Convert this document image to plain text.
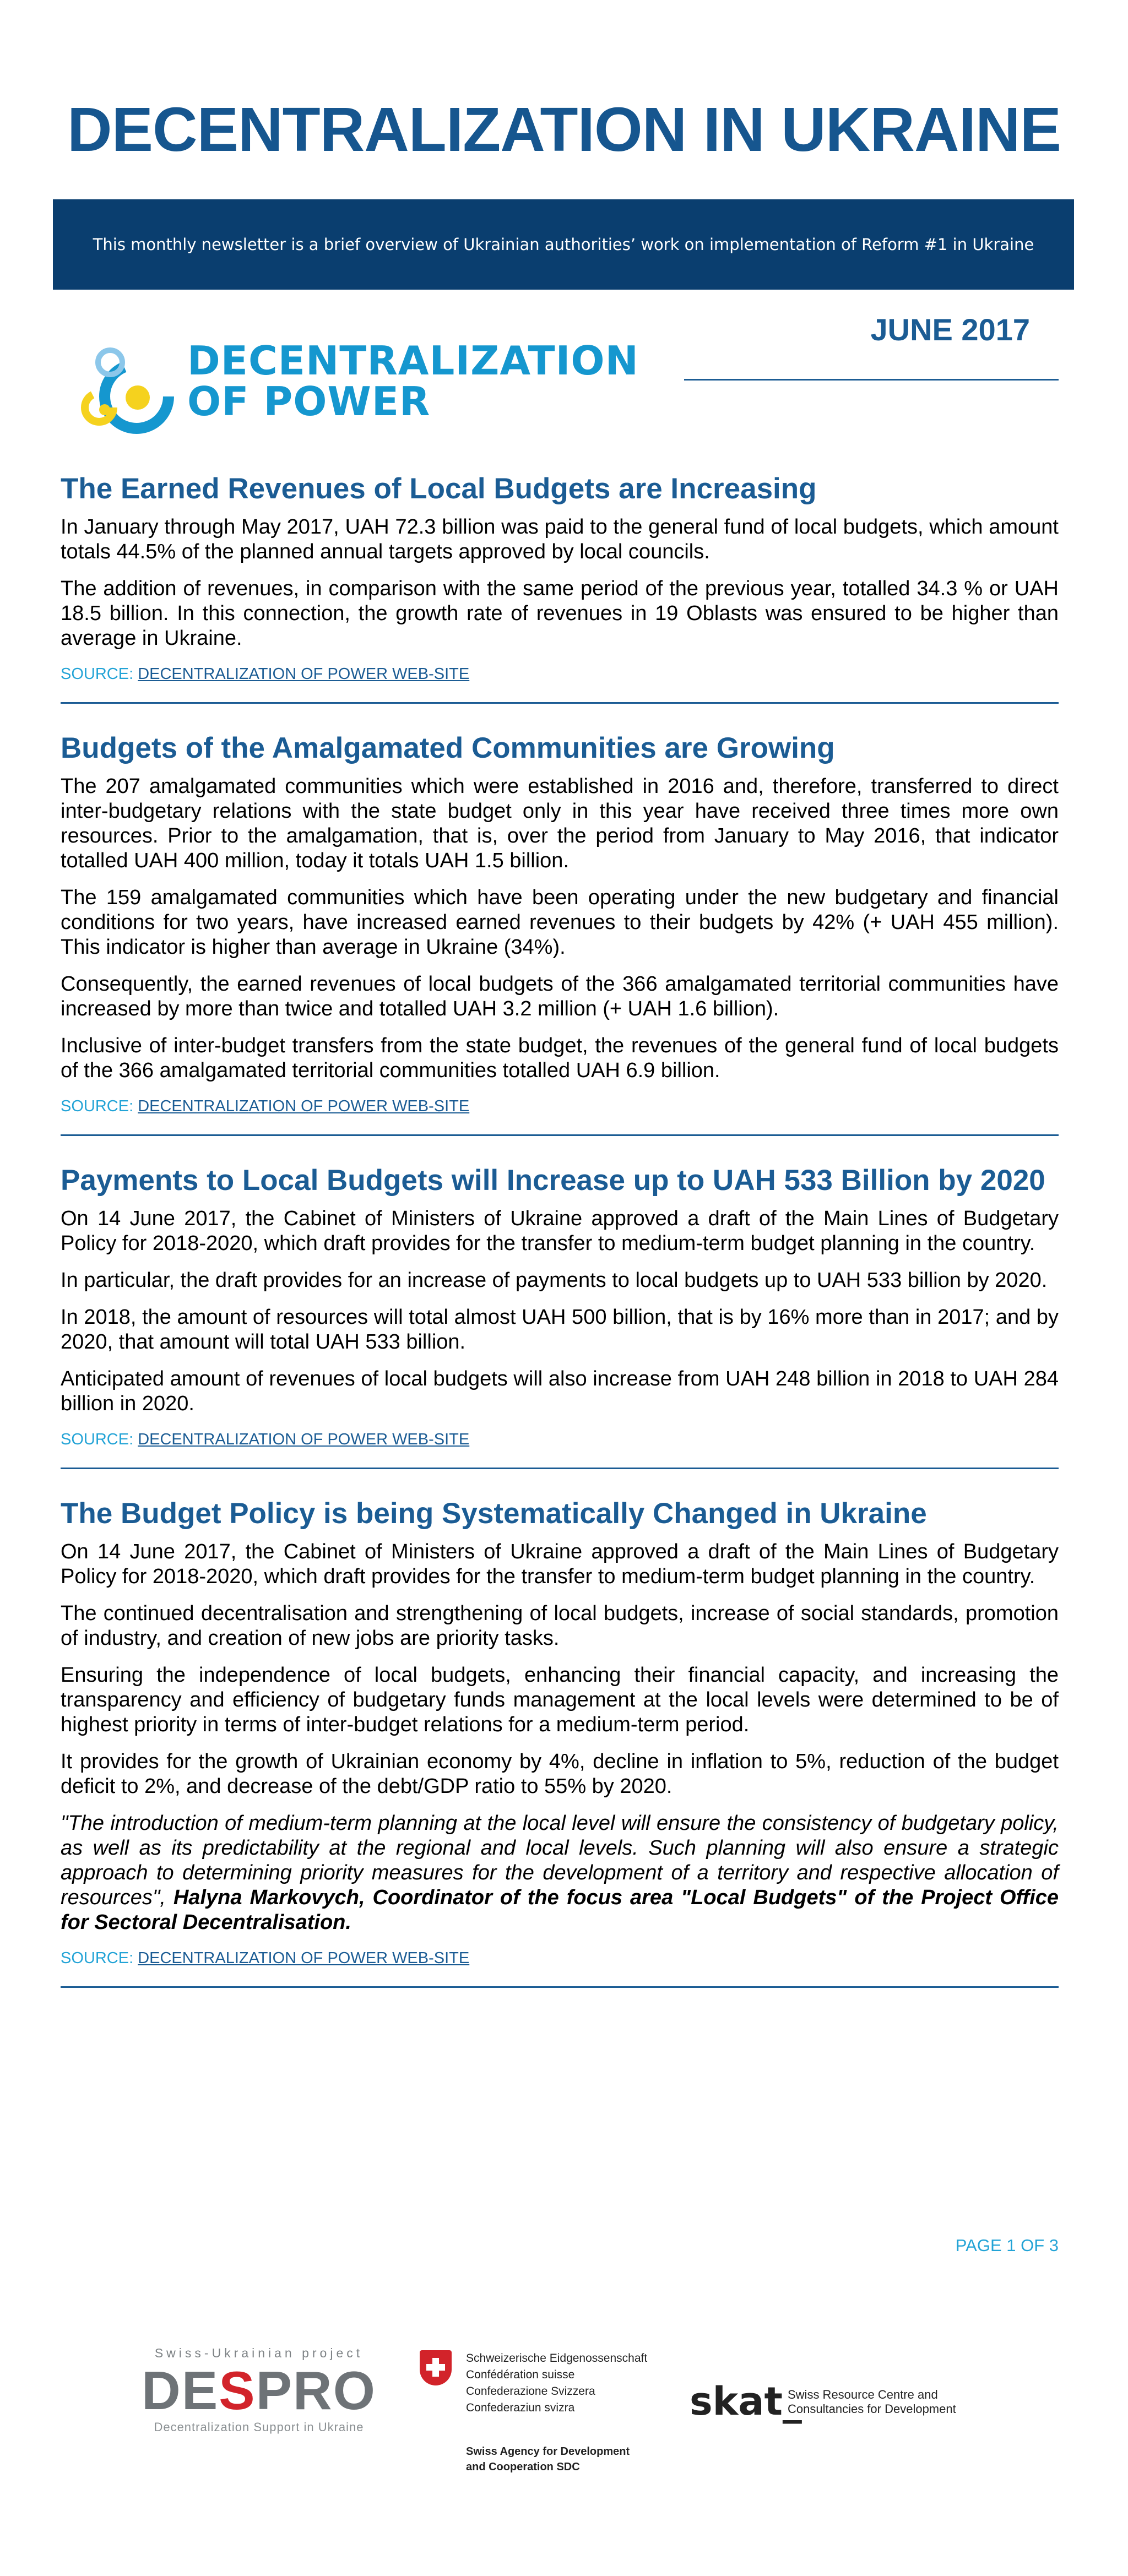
DECENTRALIZATION IN UKRAINE
This monthly newsletter is a brief overview of Ukrainian authorities’ work on implementation of Reform #1 in Ukraine
JUNE 2017
DECENTRALIZATION
OF POWER
The Earned Revenues of Local Budgets are Increasing

In January through May 2017, UAH 72.3 billion was paid to the general fund of local budgets, which amount totals 44.5% of the planned annual targets approved by local councils.

The addition of revenues, in comparison with the same period of the previous year, totalled 34.3 % or UAH 18.5 billion. In this connection, the growth rate of revenues in 19 Oblasts was ensured to be higher than average in Ukraine.

SOURCE: DECENTRALIZATION OF POWER WEB-SITE
Budgets of the Amalgamated Communities are Growing

The 207 amalgamated communities which were established in 2016 and, therefore, transferred to direct inter-budgetary relations with the state budget only in this year have received three times more own resources. Prior to the amalgamation, that is, over the period from January to May 2016, that indicator totalled UAH 400 million, today it totals UAH 1.5 billion.

The 159 amalgamated communities which have been operating under the new budgetary and financial conditions for two years, have increased earned revenues to their budgets by 42% (+ UAH 455 million). This indicator is higher than average in Ukraine (34%).

Consequently, the earned revenues of local budgets of the 366 amalgamated territorial communities have increased by more than twice and totalled UAH 3.2 million (+ UAH 1.6 billion).

Inclusive of inter-budget transfers from the state budget, the revenues of the general fund of local budgets of the 366 amalgamated territorial communities totalled UAH 6.9 billion.

SOURCE: DECENTRALIZATION OF POWER WEB-SITE
Payments to Local Budgets will Increase up to UAH 533 Billion by 2020

On 14 June 2017, the Cabinet of Ministers of Ukraine approved a draft of the Main Lines of Budgetary Policy for 2018-2020, which draft provides for the transfer to medium-term budget planning in the country.

In particular, the draft provides for an increase of payments to local budgets up to UAH 533 billion by 2020.

In 2018, the amount of resources will total almost UAH 500 billion, that is by 16% more than in 2017; and by 2020, that amount will total UAH 533 billion.

Anticipated amount of revenues of local budgets will also increase from UAH 248 billion in 2018 to UAH 284 billion in 2020.

SOURCE: DECENTRALIZATION OF POWER WEB-SITE
The Budget Policy is being Systematically Changed in Ukraine

On 14 June 2017, the Cabinet of Ministers of Ukraine approved a draft of the Main Lines of Budgetary Policy for 2018-2020, which draft provides for the transfer to medium-term budget planning in the country.

The continued decentralisation and strengthening of local budgets, increase of social standards, promotion of industry, and creation of new jobs are priority tasks.

Ensuring the independence of local budgets, enhancing their financial capacity, and increasing the transparency and efficiency of budgetary funds management at the local levels were determined to be of highest priority in terms of inter-budget relations for a medium-term period.

It provides for the growth of Ukrainian economy by 4%, decline in inflation to 5%, reduction of the budget deficit to 2%, and decrease of the debt/GDP ratio to 55% by 2020.

"The introduction of medium-term planning at the local level will ensure the consistency of budgetary policy, as well as its predictability at the regional and local levels. Such planning will also ensure a strategic approach to determining priority measures for the development of a territory and respective allocation of resources", Halyna Markovych, Coordinator of the focus area "Local Budgets" of the Project Office for Sectoral Decentralisation.

SOURCE: DECENTRALIZATION OF POWER WEB-SITE
PAGE 1 OF 3
Swiss-Ukrainian project
DESPRO
Decentralization Support in Ukraine
Schweizerische Eidgenossenschaft
Confédération suisse
Confederazione Svizzera
Confederaziun svizra
Swiss Agency for Development
and Cooperation SDC
skat_
Swiss Resource Centre and
Consultancies for Development
